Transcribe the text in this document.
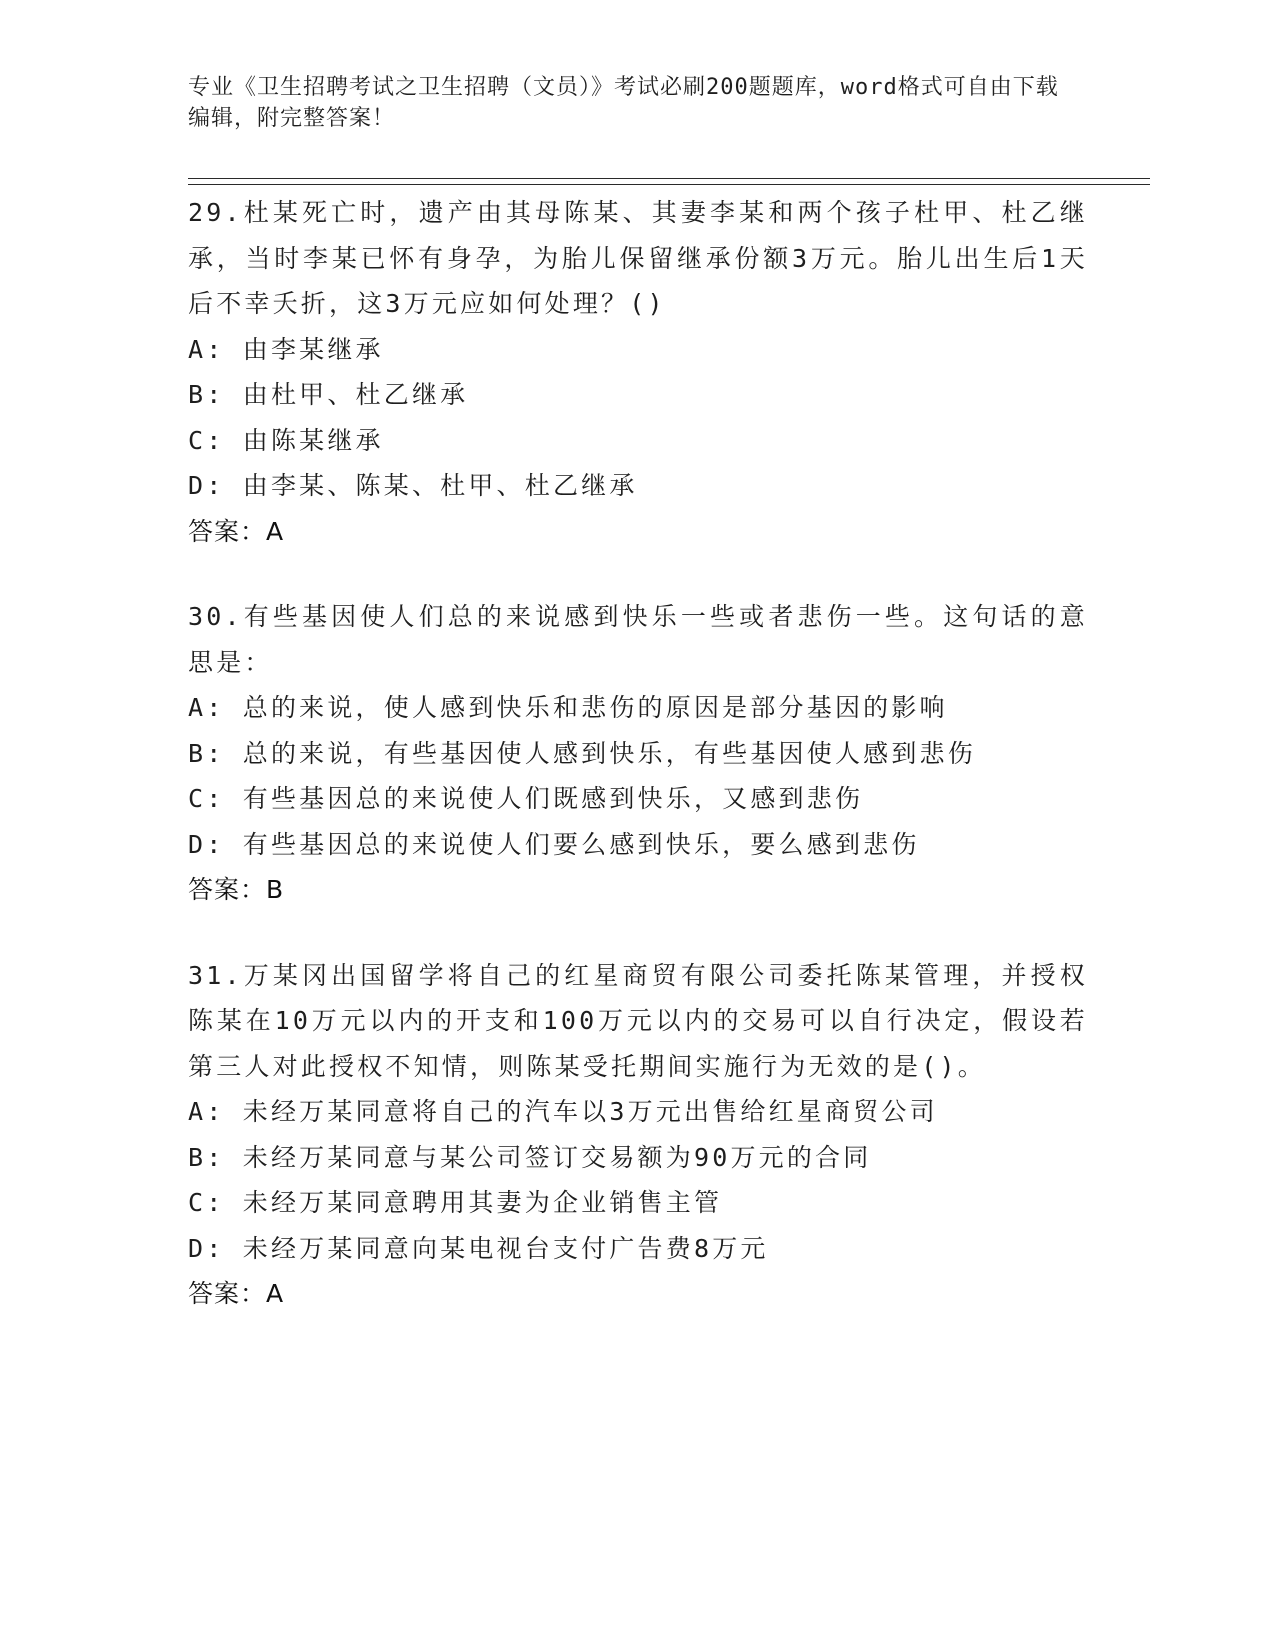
专业《卫生招聘考试之卫生招聘（文员）》考试必刷200题题库，word格式可自由下载编辑，附完整答案！
29.杜某死亡时，遗产由其母陈某、其妻李某和两个孩子杜甲、杜乙继承，当时李某已怀有身孕，为胎儿保留继承份额3万元。胎儿出生后1天后不幸夭折，这3万元应如何处理？()
A: 由李某继承
B: 由杜甲、杜乙继承
C: 由陈某继承
D: 由李某、陈某、杜甲、杜乙继承
答案：A
30.有些基因使人们总的来说感到快乐一些或者悲伤一些。这句话的意思是：
A: 总的来说，使人感到快乐和悲伤的原因是部分基因的影响
B: 总的来说，有些基因使人感到快乐，有些基因使人感到悲伤
C: 有些基因总的来说使人们既感到快乐，又感到悲伤
D: 有些基因总的来说使人们要么感到快乐，要么感到悲伤
答案：B
31.万某冈出国留学将自己的红星商贸有限公司委托陈某管理，并授权陈某在10万元以内的开支和100万元以内的交易可以自行决定，假设若第三人对此授权不知情，则陈某受托期间实施行为无效的是()。
A: 未经万某同意将自己的汽车以3万元出售给红星商贸公司
B: 未经万某同意与某公司签订交易额为90万元的合同
C: 未经万某同意聘用其妻为企业销售主管
D: 未经万某同意向某电视台支付广告费8万元
答案：A
